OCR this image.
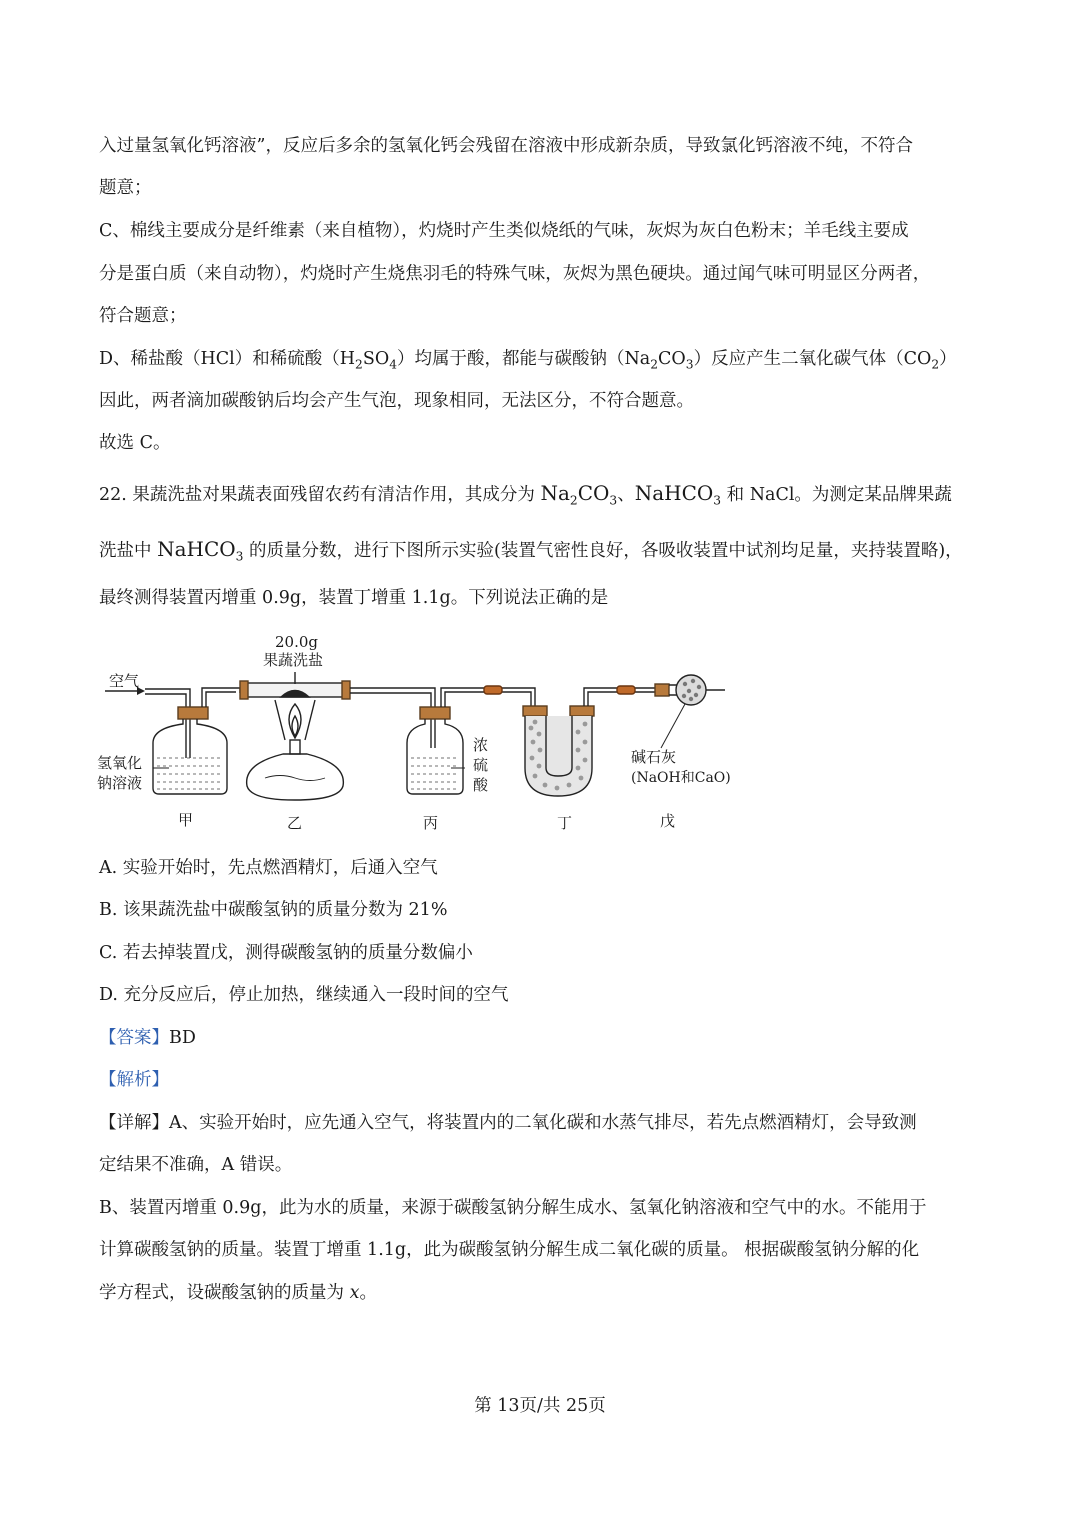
入过量氢氧化钙溶液”，反应后多余的氢氧化钙会残留在溶液中形成新杂质，导致氯化钙溶液不纯，不符合
题意；
C、棉线主要成分是纤维素（来自植物），灼烧时产生类似烧纸的气味，灰烬为灰白色粉末；羊毛线主要成
分是蛋白质（来自动物），灼烧时产生烧焦羽毛的特殊气味，灰烬为黑色硬块。通过闻气味可明显区分两者，
符合题意；
D、稀盐酸（HCl）和稀硫酸$(H_2SO_4)$均属于酸，都能与碳酸钠$(Na_2CO_3)$反应产生二氧化碳气体$(CO_2)$
因此，两者滴加碳酸钠后均会产生气泡，现象相同，无法区分，不符合题意。
故选 C。
22. 果蔬洗盐对果蔬表面残留农药有清洁作用，其成分为 $Na_2CO_3$、NaHCO$_3$ 和 NaCl。为测定某品牌果蔬
洗盐中 NaHCO$_3$ 的质量分数，进行下图所示实验(装置气密性良好，各吸收装置中试剂均足量，夹持装置略)，
最终测得装置丙增重 0.9g，装置丁增重 1.1g。下列说法正确的是
空气
20.0g
果蔬洗盐
氢氧化
钠溶液
浓
硫
酸
碱石灰
(NaOH和CaO)
甲	乙	丙	丁	戊
A. 实验开始时，先点燃酒精灯，后通入空气
B. 该果蔬洗盐中碳酸氢钠的质量分数为 21%
C. 若去掉装置戊，测得碳酸氢钠的质量分数偏小
D. 充分反应后，停止加热，继续通入一段时间的空气
【答案】BD
【解析】
【详解】A、实验开始时，应先通入空气，将装置内的二氧化碳和水蒸气排尽，若先点燃酒精灯，会导致测
定结果不准确，A 错误。
B、装置丙增重 0.9g，此为水的质量，来源于碳酸氢钠分解生成水、氢氧化钠溶液和空气中的水。不能用于
计算碳酸氢钠的质量。装置丁增重 1.1g，此为碳酸氢钠分解生成二氧化碳的质量。 根据碳酸氢钠分解的化
学方程式，设碳酸氢钠的质量为 x。
第 13页/共 25页
